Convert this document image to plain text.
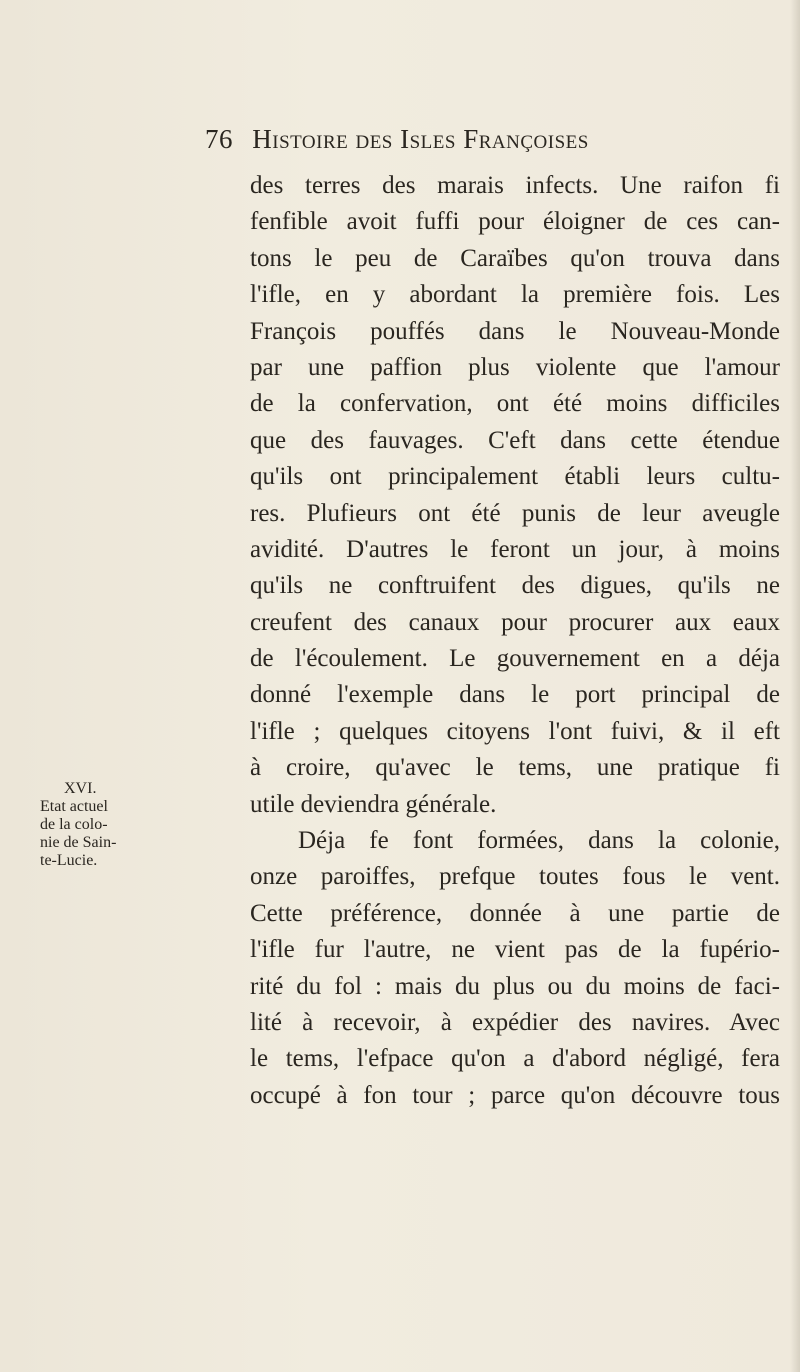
76 Histoire des Isles Françoises
des terres des marais infects. Une raifon fi
fenfible avoit fuffi pour éloigner de ces can-
tons le peu de Caraïbes qu'on trouva dans
l'ifle, en y abordant la première fois. Les
François pouffés dans le Nouveau-Monde
par une paffion plus violente que l'amour
de la confervation, ont été moins difficiles
que des fauvages. C'eft dans cette étendue
qu'ils ont principalement établi leurs cultu-
res. Plufieurs ont été punis de leur aveugle
avidité. D'autres le feront un jour, à moins
qu'ils ne conftruifent des digues, qu'ils ne
creufent des canaux pour procurer aux eaux
de l'écoulement. Le gouvernement en a déja
donné l'exemple dans le port principal de
l'ifle ; quelques citoyens l'ont fuivi, & il eft
à croire, qu'avec le tems, une pratique fi
utile deviendra générale.
Déja fe font formées, dans la colonie,
onze paroiffes, prefque toutes fous le vent.
Cette préférence, donnée à une partie de
l'ifle fur l'autre, ne vient pas de la fupério-
rité du fol : mais du plus ou du moins de faci-
lité à recevoir, à expédier des navires. Avec
le tems, l'efpace qu'on a d'abord négligé, fera
occupé à fon tour ; parce qu'on découvre tous
XVI.
Etat actuel
de la colo-
nie de Sain-
te-Lucie.
